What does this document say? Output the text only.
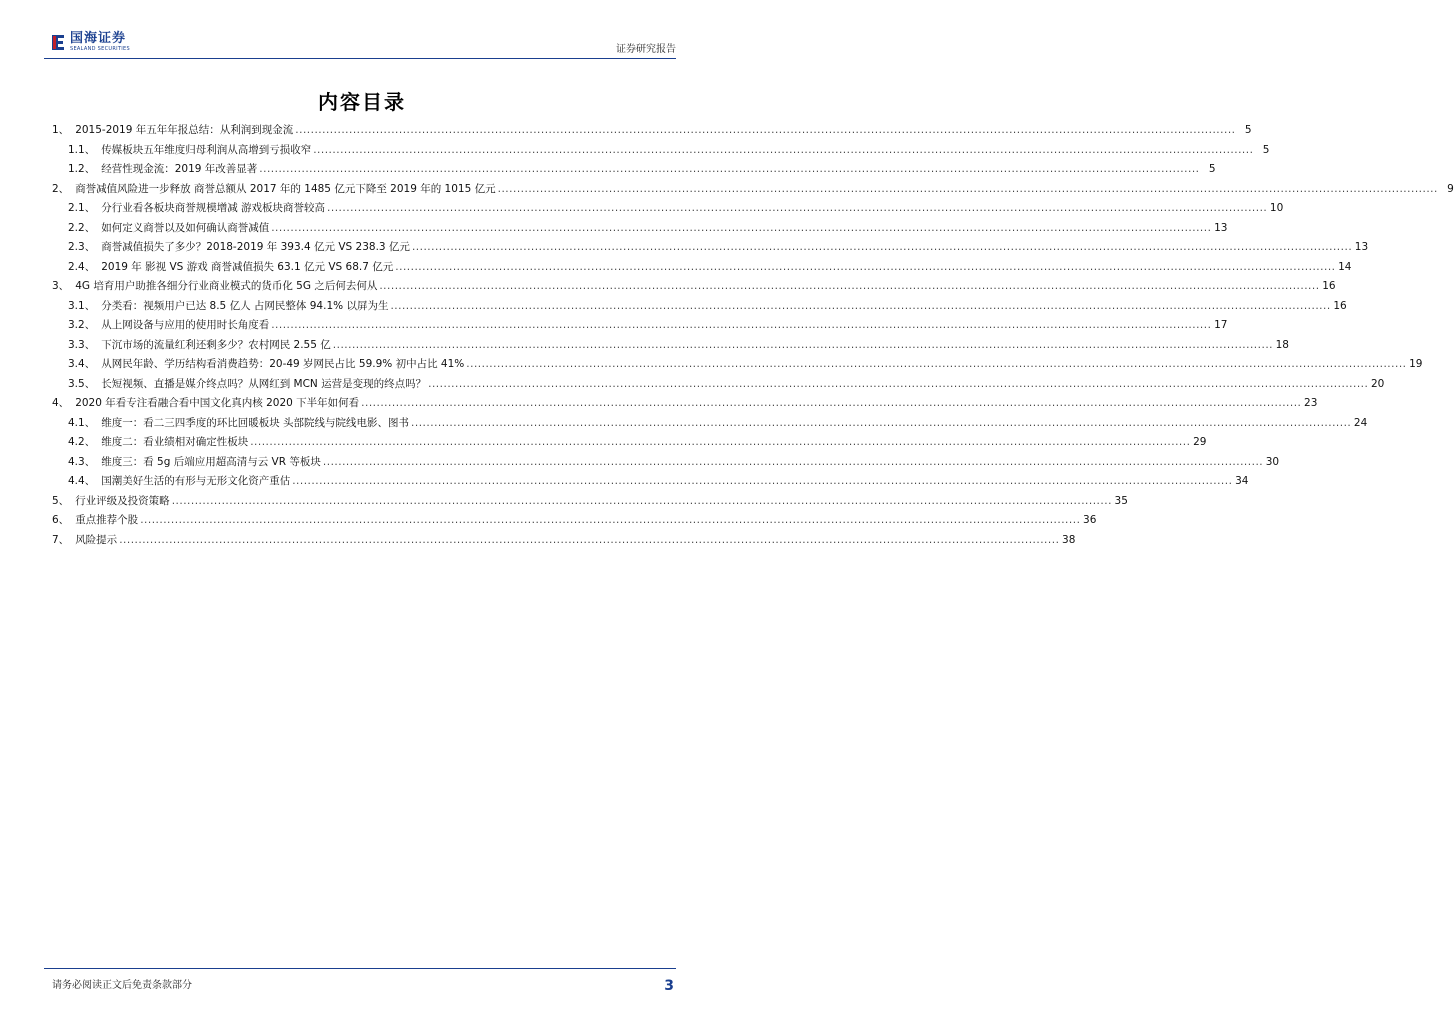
国海证券
SEALAND SECURITIES	证券研究报告
内容目录
1、 2015-2019 年五年年报总结：从利润到现金流 .....	5
1.1、 传媒板块五年维度归母利润从高增到亏损收窄 .....	5
1.2、 经营性现金流：2019 年改善显著 .....	5
2、 商誉减值风险进一步释放 商誉总额从 2017 年的 1485 亿元下降至 2019 年的 1015 亿元 .....	9
2.1、 分行业看各板块商誉规模增减 游戏板块商誉较高 .....	10
2.2、 如何定义商誉以及如何确认商誉减值 .....	13
2.3、 商誉减值损失了多少？2018-2019 年 393.4 亿元 VS 238.3 亿元 .....	13
2.4、 2019 年 影视 VS 游戏 商誉减值损失 63.1 亿元 VS 68.7 亿元 .....	14
3、 4G 培育用户助推各细分行业商业模式的货币化 5G 之后何去何从 .....	16
3.1、 分类看：视频用户已达 8.5 亿人 占网民整体 94.1% 以屏为生 .....	16
3.2、 从上网设备与应用的使用时长角度看 .....	17
3.3、 下沉市场的流量红利还剩多少？农村网民 2.55 亿 .....	18
3.4、 从网民年龄、学历结构看消费趋势：20-49 岁网民占比 59.9% 初中占比 41% .....	19
3.5、 长短视频、直播是媒介终点吗？从网红到 MCN 运营是变现的终点吗？ .....	20
4、 2020 年看专注看融合看中国文化真内核 2020 下半年如何看 .....	23
4.1、 维度一：看二三四季度的环比回暖板块 头部院线与院线电影、图书 .....	24
4.2、 维度二：看业绩相对确定性板块 .....	29
4.3、 维度三：看 5g 后端应用超高清与云 VR 等板块 .....	30
4.4、 国潮美好生活的有形与无形文化资产重估 .....	34
5、 行业评级及投资策略 .....	35
6、 重点推荐个股 .....	36
7、 风险提示 .....	38
请务必阅读正文后免责条款部分	3
